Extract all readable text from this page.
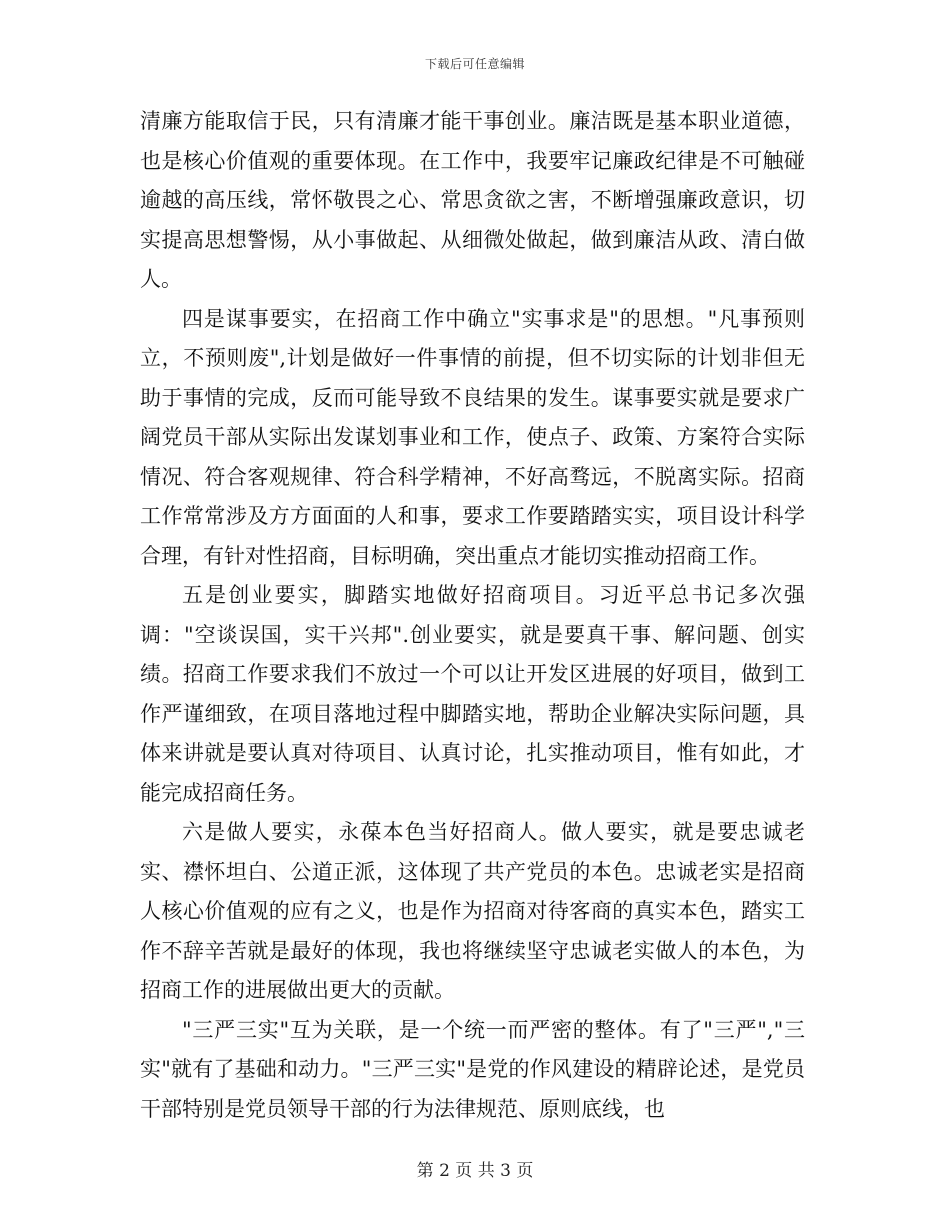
下载后可任意编辑

清廉方能取信于民，只有清廉才能干事创业。廉洁既是基本职业道德，也是核心价值观的重要体现。在工作中，我要牢记廉政纪律是不可触碰逾越的高压线，常怀敬畏之心、常思贪欲之害，不断增强廉政意识，切实提高思想警惕，从小事做起、从细微处做起，做到廉洁从政、清白做人。

四是谋事要实，在招商工作中确立"实事求是"的思想。"凡事预则立，不预则废",计划是做好一件事情的前提，但不切实际的计划非但无助于事情的完成，反而可能导致不良结果的发生。谋事要实就是要求广阔党员干部从实际出发谋划事业和工作，使点子、政策、方案符合实际情况、符合客观规律、符合科学精神，不好高骛远，不脱离实际。招商工作常常涉及方方面面的人和事，要求工作要踏踏实实，项目设计科学合理，有针对性招商，目标明确，突出重点才能切实推动招商工作。

五是创业要实，脚踏实地做好招商项目。习近平总书记多次强调："空谈误国，实干兴邦".创业要实，就是要真干事、解问题、创实绩。招商工作要求我们不放过一个可以让开发区进展的好项目，做到工作严谨细致，在项目落地过程中脚踏实地，帮助企业解决实际问题，具体来讲就是要认真对待项目、认真讨论，扎实推动项目，惟有如此，才能完成招商任务。

六是做人要实，永葆本色当好招商人。做人要实，就是要忠诚老实、襟怀坦白、公道正派，这体现了共产党员的本色。忠诚老实是招商人核心价值观的应有之义，也是作为招商对待客商的真实本色，踏实工作不辞辛苦就是最好的体现，我也将继续坚守忠诚老实做人的本色，为招商工作的进展做出更大的贡献。

"三严三实"互为关联，是一个统一而严密的整体。有了"三严","三实"就有了基础和动力。"三严三实"是党的作风建设的精辟论述，是党员干部特别是党员领导干部的行为法律规范、原则底线，也

第 2 页 共 3 页
